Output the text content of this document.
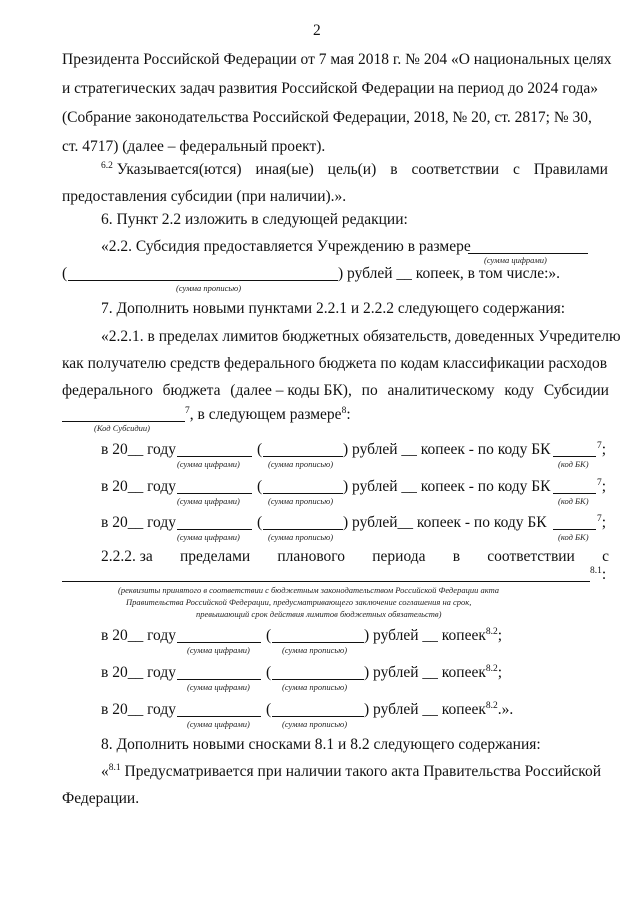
2
Президента Российской Федерации от 7 мая 2018 г. № 204 «О национальных целях
и стратегических задач развития Российской Федерации на период до 2024 года»
(Собрание законодательства Российской Федерации, 2018, № 20, ст. 2817; № 30,
ст. 4717) (далее – федеральный проект).
$^{6.2}$ Указывается(ются) иная(ые) цель(и) в соответствии с Правилами
предоставления субсидии (при наличии).».
6. Пункт 2.2 изложить в следующей редакции:
«2.2. Субсидия предоставляется Учреждению в размере
(сумма цифрами)
(	) рублей __ копеек, в том числе:».
(сумма прописью)
7. Дополнить новыми пунктами 2.2.1 и 2.2.2 следующего содержания:
«2.2.1. в пределах лимитов бюджетных обязательств, доведенных Учредителю
как получателю средств федерального бюджета по кодам классификации расходов
федерального бюджета (далее – коды БК), по аналитическому коду Субсидии
$^7$, в следующем размере$^8$:
(Код Субсидии)
в 20__ году	(	) рублей __ копеек - по коду БК	$^7$;
(сумма цифрами)	(сумма прописью)	(код БК)
в 20__ году	(	) рублей __ копеек - по коду БК	$^7$;
(сумма цифрами)	(сумма прописью)	(код БК)
в 20__ году	(	) рублей__ копеек - по коду БК	$^7$;
(сумма цифрами)	(сумма прописью)	(код БК)
2.2.2. за пределами планового периода в соответствии с
$^{8.1}$:
(реквизиты принятого в соответствии с бюджетным законодательством Российской Федерации акта
Правительства Российской Федерации, предусматривающего заключение соглашения на срок,
превышающий срок действия лимитов бюджетных обязательств)
в 20__ году	(	) рублей __ копеек$^{8.2}$;
(сумма цифрами)	(сумма прописью)
в 20__ году	(	) рублей __ копеек$^{8.2}$;
(сумма цифрами)	(сумма прописью)
в 20__ году	(	) рублей __ копеек$^{8.2}$.».
(сумма цифрами)	(сумма прописью)
8. Дополнить новыми сносками 8.1 и 8.2 следующего содержания:
«$^{8.1}$ Предусматривается при наличии такого акта Правительства Российской
Федерации.
